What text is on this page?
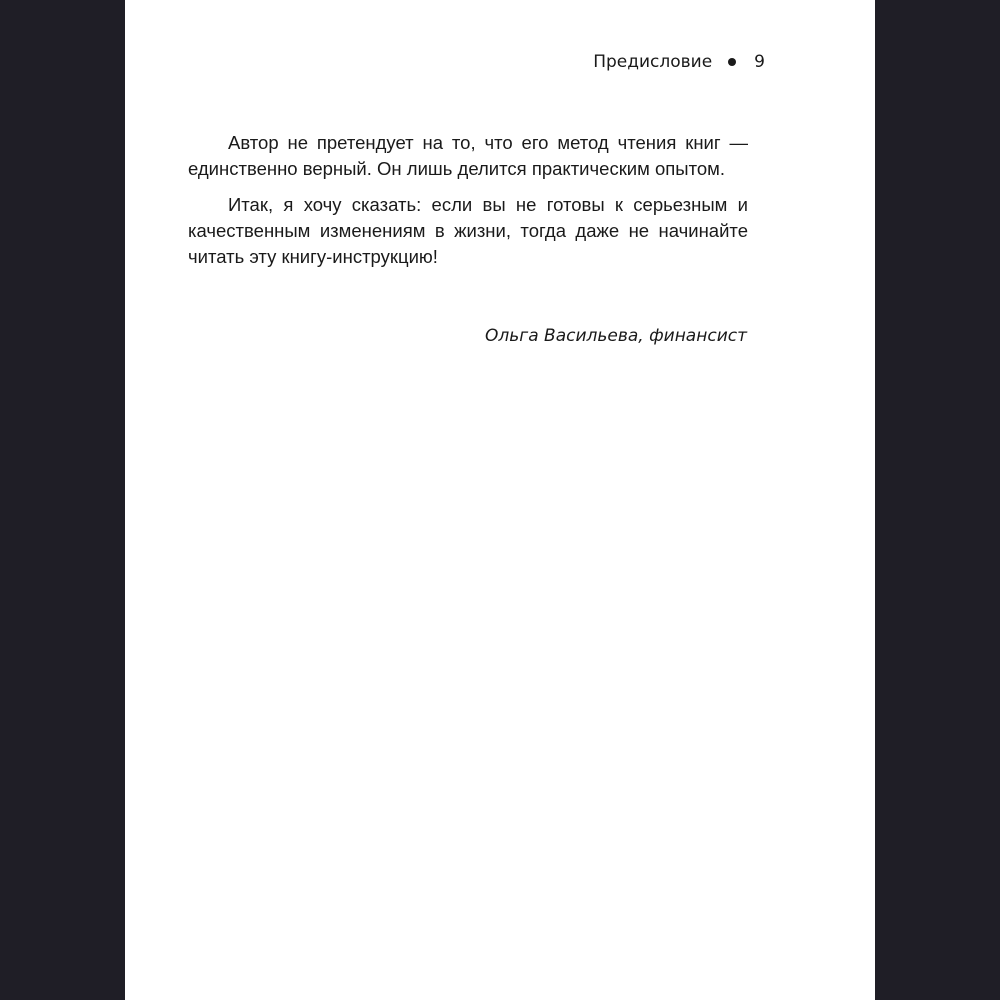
Предисловие 9

Автор не претендует на то, что его метод чтения книг — единственно верный. Он лишь делится практическим опытом.

Итак, я хочу сказать: если вы не готовы к серьезным и качественным изменениям в жизни, тогда даже не начинайте читать эту книгу-инструкцию!

Ольга Васильева, финансист
